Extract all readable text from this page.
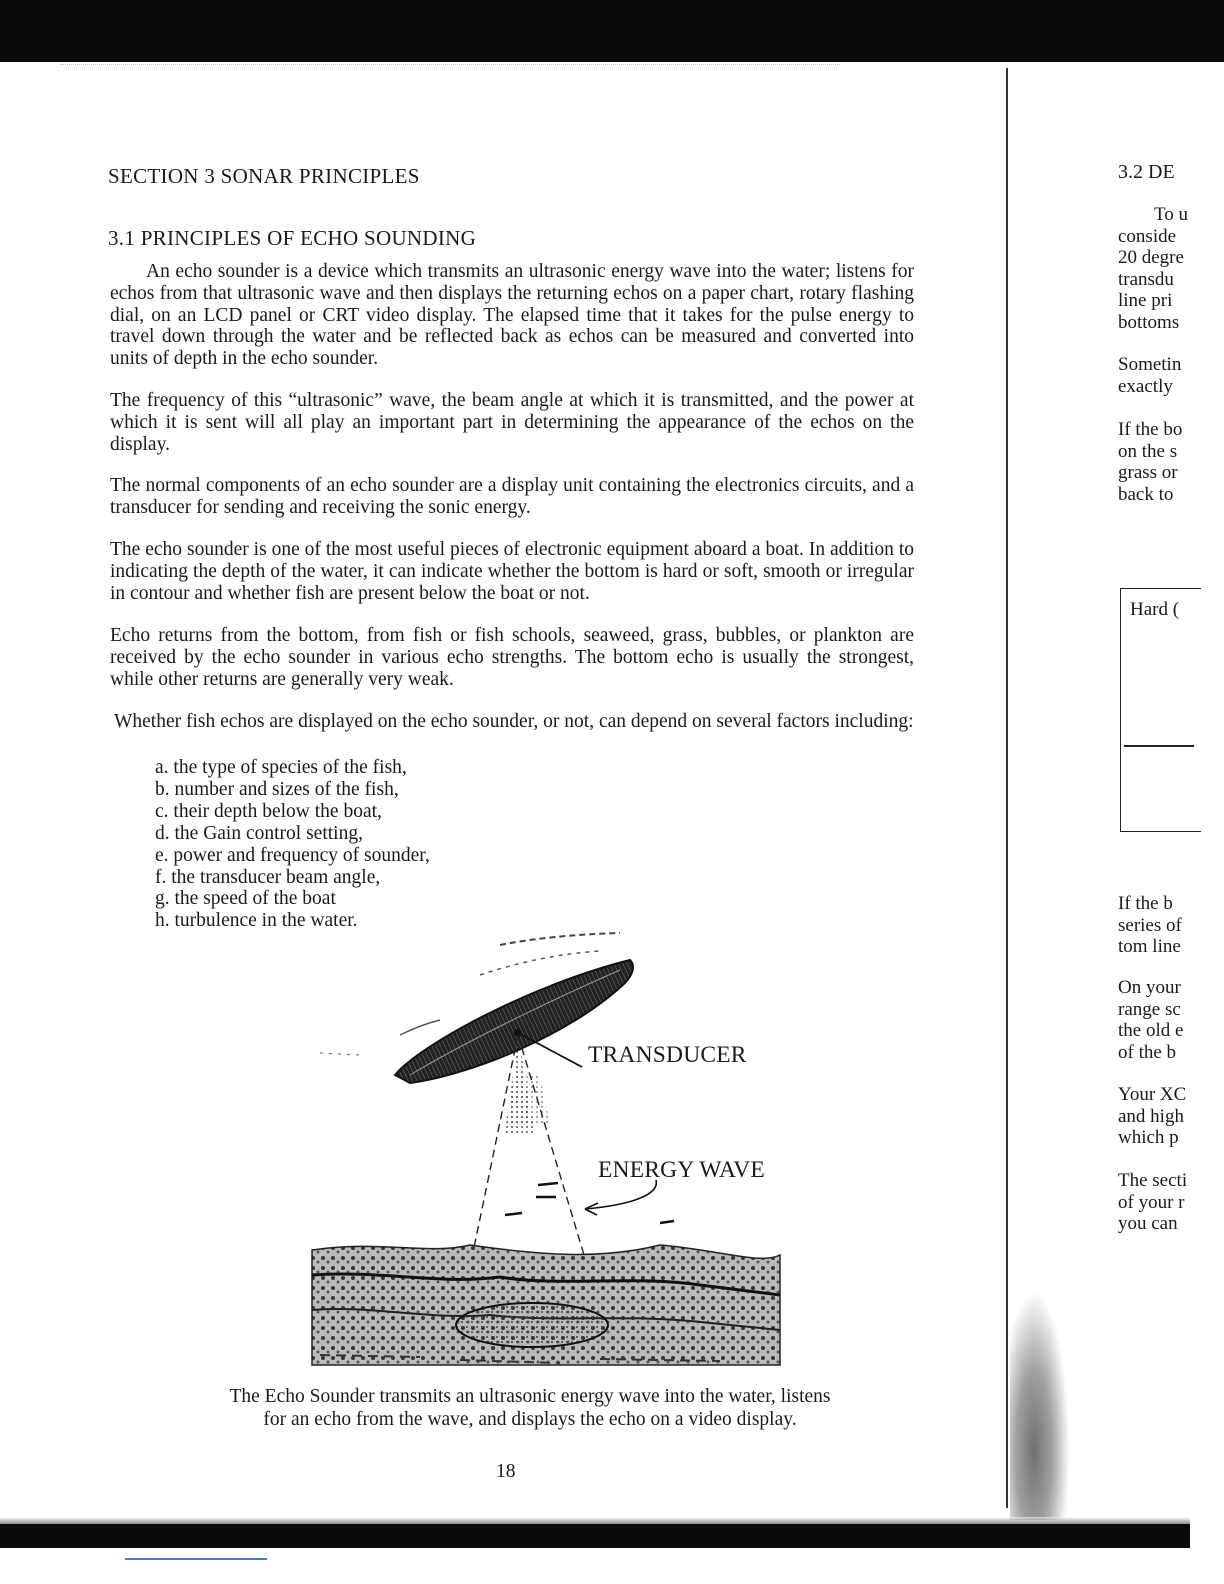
SECTION 3 SONAR PRINCIPLES
3.1 PRINCIPLES OF ECHO SOUNDING

An echo sounder is a device which transmits an ultrasonic energy wave into the water; listens for echos from that ultrasonic wave and then displays the returning echos on a paper chart, rotary flashing dial, on an LCD panel or CRT video display. The elapsed time that it takes for the pulse energy to travel down through the water and be reflected back as echos can be measured and converted into units of depth in the echo sounder.

The frequency of this “ultrasonic” wave, the beam angle at which it is transmitted, and the power at which it is sent will all play an important part in determining the appearance of the echos on the display.

The normal components of an echo sounder are a display unit containing the electronics circuits, and a transducer for sending and receiving the sonic energy.

The echo sounder is one of the most useful pieces of electronic equipment aboard a boat. In addition to indicating the depth of the water, it can indicate whether the bottom is hard or soft, smooth or irregular in contour and whether fish are present below the boat or not.

Echo returns from the bottom, from fish or fish schools, seaweed, grass, bubbles, or plankton are received by the echo sounder in various echo strengths. The bottom echo is usually the strongest, while other returns are generally very weak.

Whether fish echos are displayed on the echo sounder, or not, can depend on several factors including:

a. the type of species of the fish,
b. number and sizes of the fish,
c. their depth below the boat,
d. the Gain control setting,
e. power and frequency of sounder,
f. the transducer beam angle,
g. the speed of the boat
h. turbulence in the water.
TRANSDUCER
ENERGY WAVE
The Echo Sounder transmits an ultrasonic energy wave into the water, listens
for an echo from the wave, and displays the echo on a video display.
18
3.2 DE
To u
conside
20 degre
transdu
line pri
bottoms
Sometin
exactly
If the bo
on the s
grass or
back to
Hard (
If the b
series of
tom line
On your
range sc
the old e
of the b
Your XC
and high
which p
The secti
of your r
you can
